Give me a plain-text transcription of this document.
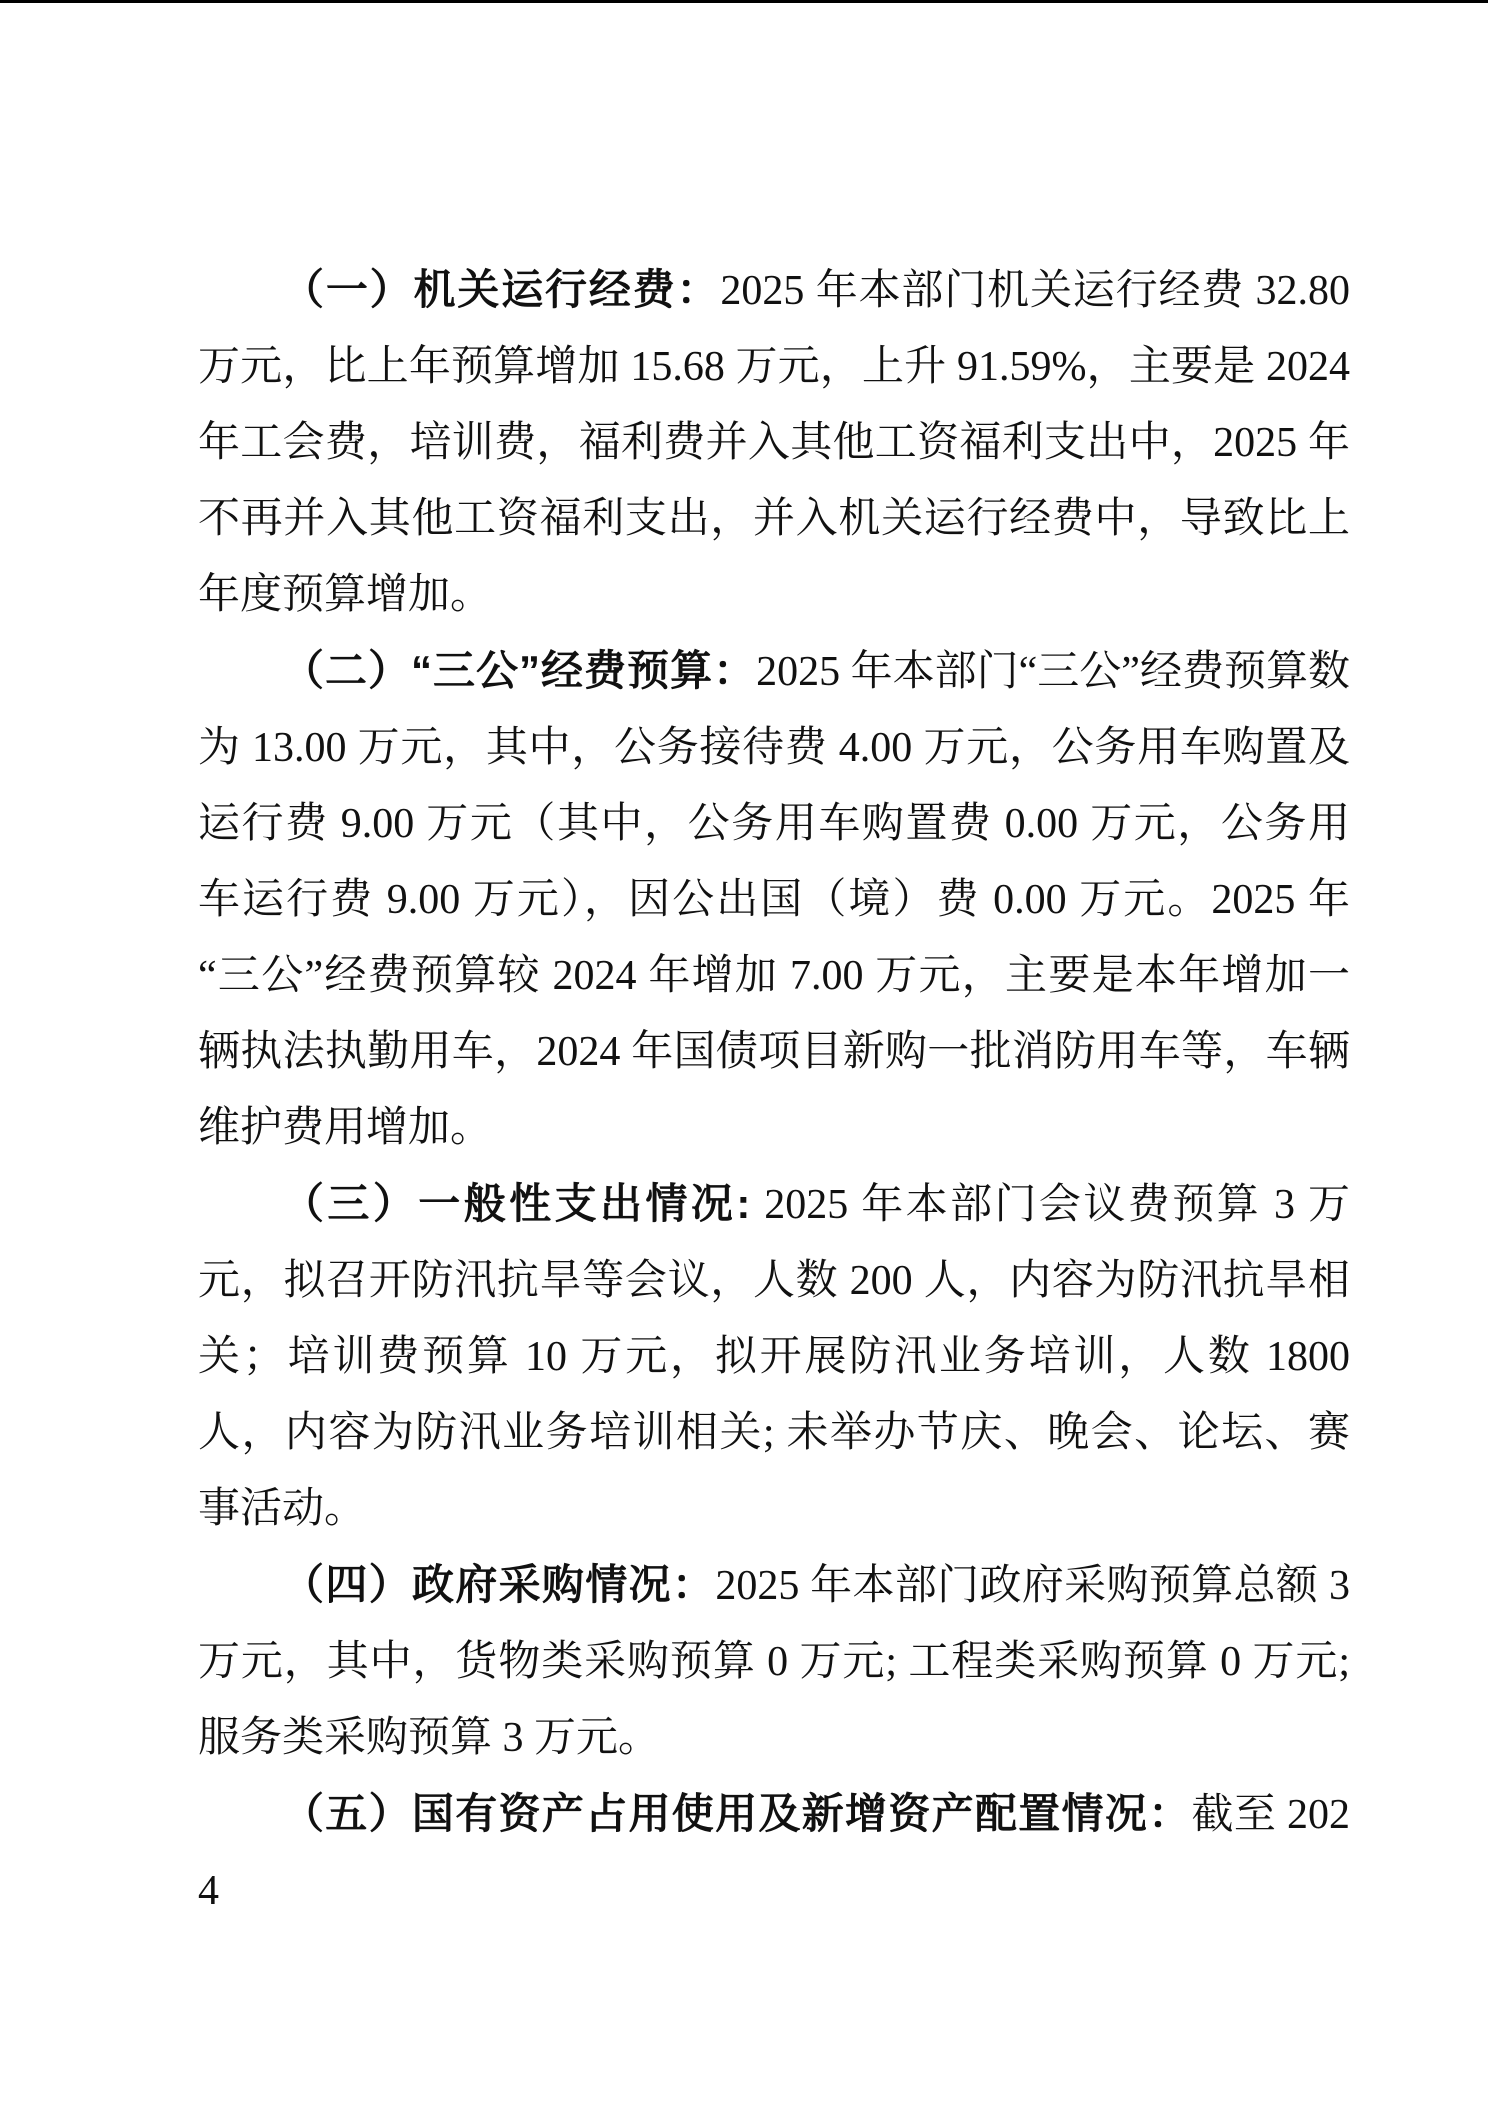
（一）机关运行经费：2025 年本部门机关运行经费 32.80 万元，比上年预算增加 15.68 万元，上升 91.59%，主要是 2024 年工会费，培训费，福利费并入其他工资福利支出中，2025 年不再并入其他工资福利支出，并入机关运行经费中，导致比上年度预算增加。

（二）“三公”经费预算：2025 年本部门“三公”经费预算数为 13.00 万元，其中，公务接待费 4.00 万元，公务用车购置及运行费 9.00 万元（其中，公务用车购置费 0.00 万元，公务用车运行费 9.00 万元），因公出国（境）费 0.00 万元。2025 年“三公”经费预算较 2024 年增加 7.00 万元，主要是本年增加一辆执法执勤用车，2024 年国债项目新购一批消防用车等，车辆维护费用增加。

（三）一般性支出情况: 2025 年本部门会议费预算 3 万元，拟召开防汛抗旱等会议，人数 200 人，内容为防汛抗旱相关；培训费预算 10 万元，拟开展防汛业务培训，人数 1800 人，内容为防汛业务培训相关; 未举办节庆、晚会、论坛、赛事活动。

（四）政府采购情况：2025 年本部门政府采购预算总额 3 万元，其中，货物类采购预算 0 万元; 工程类采购预算 0 万元; 服务类采购预算 3 万元。

（五）国有资产占用使用及新增资产配置情况：截至 2024
